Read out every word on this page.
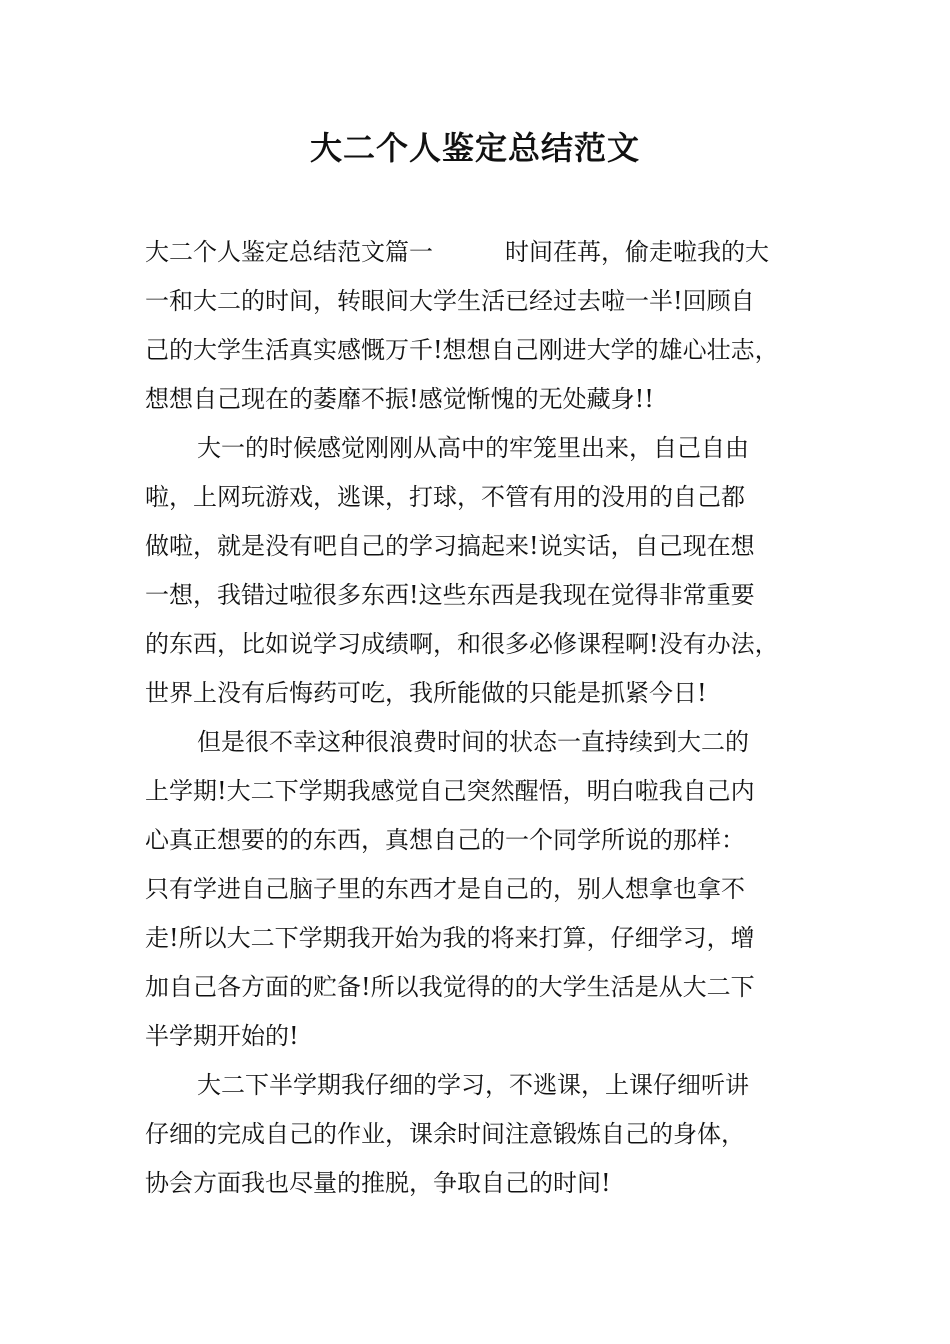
大二个人鉴定总结范文

大二个人鉴定总结范文篇一　　　时间荏苒，偷走啦我的大

一和大二的时间，转眼间大学生活已经过去啦一半!回顾自

己的大学生活真实感慨万千!想想自己刚进大学的雄心壮志，

想想自己现在的萎靡不振!感觉惭愧的无处藏身!!

大一的时候感觉刚刚从高中的牢笼里出来，自己自由

啦，上网玩游戏，逃课，打球，不管有用的没用的自己都

做啦，就是没有吧自己的学习搞起来!说实话，自己现在想

一想，我错过啦很多东西!这些东西是我现在觉得非常重要

的东西，比如说学习成绩啊，和很多必修课程啊!没有办法，

世界上没有后悔药可吃，我所能做的只能是抓紧今日!

但是很不幸这种很浪费时间的状态一直持续到大二的

上学期!大二下学期我感觉自己突然醒悟，明白啦我自己内

心真正想要的的东西，真想自己的一个同学所说的那样：

只有学进自己脑子里的东西才是自己的，别人想拿也拿不

走!所以大二下学期我开始为我的将来打算，仔细学习，增

加自己各方面的贮备!所以我觉得的的大学生活是从大二下

半学期开始的!

大二下半学期我仔细的学习，不逃课，上课仔细听讲

仔细的完成自己的作业，课余时间注意锻炼自己的身体，

协会方面我也尽量的推脱，争取自己的时间!
